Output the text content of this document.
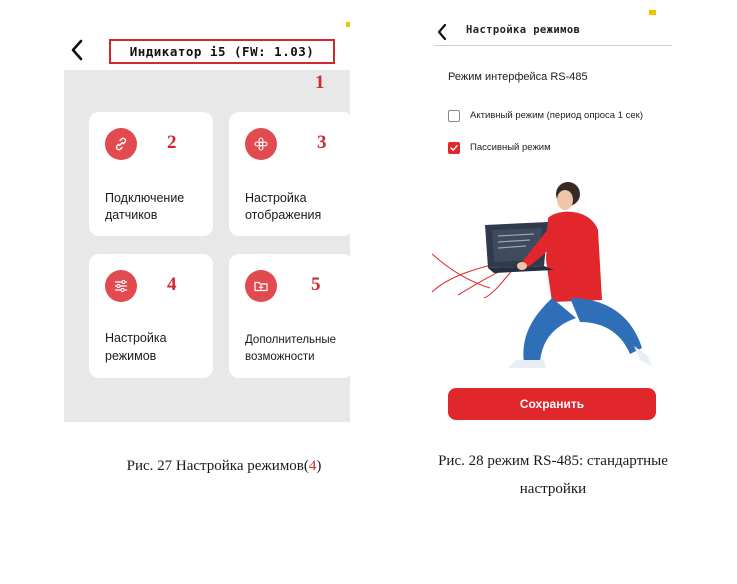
Индикатор i5 (FW: 1.03)
1
2
Подключение
датчиков
3
Настройка
отображения
4
Настройка
режимов
5
Дополнительные
возможности
Настройка режимов
Режим интерфейса RS-485
Активный режим (период опроса 1 сек)
Пассивный режим
Сохранить
Рис. 27 Настройка режимов(4)	Рис. 28 режим RS-485: стандартные
настройки
